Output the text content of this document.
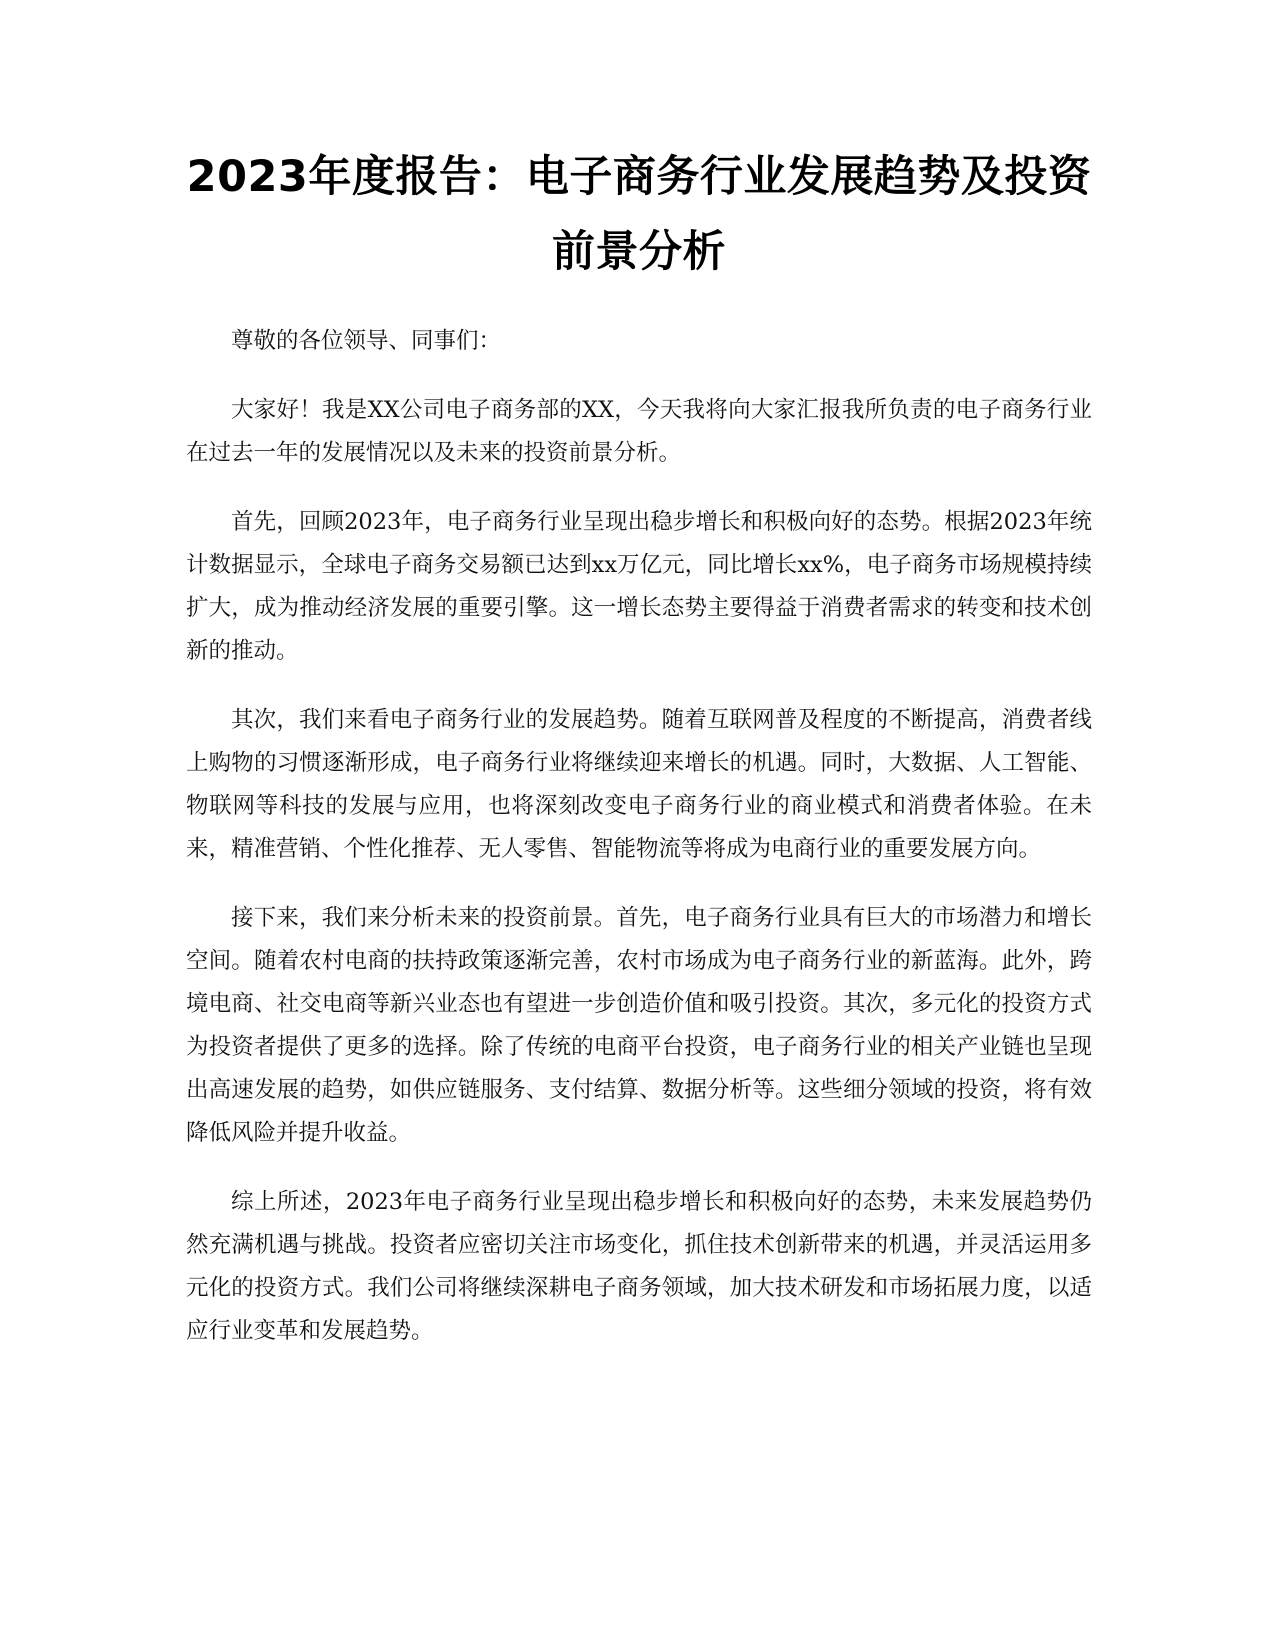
2023年度报告：电子商务行业发展趋势及投资前景分析

尊敬的各位领导、同事们：

大家好！我是XX公司电子商务部的XX，今天我将向大家汇报我所负责的电子商务行业在过去一年的发展情况以及未来的投资前景分析。

首先，回顾2023年，电子商务行业呈现出稳步增长和积极向好的态势。根据2023年统计数据显示，全球电子商务交易额已达到xx万亿元，同比增长xx%，电子商务市场规模持续扩大，成为推动经济发展的重要引擎。这一增长态势主要得益于消费者需求的转变和技术创新的推动。

其次，我们来看电子商务行业的发展趋势。随着互联网普及程度的不断提高，消费者线上购物的习惯逐渐形成，电子商务行业将继续迎来增长的机遇。同时，大数据、人工智能、物联网等科技的发展与应用，也将深刻改变电子商务行业的商业模式和消费者体验。在未来，精准营销、个性化推荐、无人零售、智能物流等将成为电商行业的重要发展方向。

接下来，我们来分析未来的投资前景。首先，电子商务行业具有巨大的市场潜力和增长空间。随着农村电商的扶持政策逐渐完善，农村市场成为电子商务行业的新蓝海。此外，跨境电商、社交电商等新兴业态也有望进一步创造价值和吸引投资。其次，多元化的投资方式为投资者提供了更多的选择。除了传统的电商平台投资，电子商务行业的相关产业链也呈现出高速发展的趋势，如供应链服务、支付结算、数据分析等。这些细分领域的投资，将有效降低风险并提升收益。

综上所述，2023年电子商务行业呈现出稳步增长和积极向好的态势，未来发展趋势仍然充满机遇与挑战。投资者应密切关注市场变化，抓住技术创新带来的机遇，并灵活运用多元化的投资方式。我们公司将继续深耕电子商务领域，加大技术研发和市场拓展力度，以适应行业变革和发展趋势。
